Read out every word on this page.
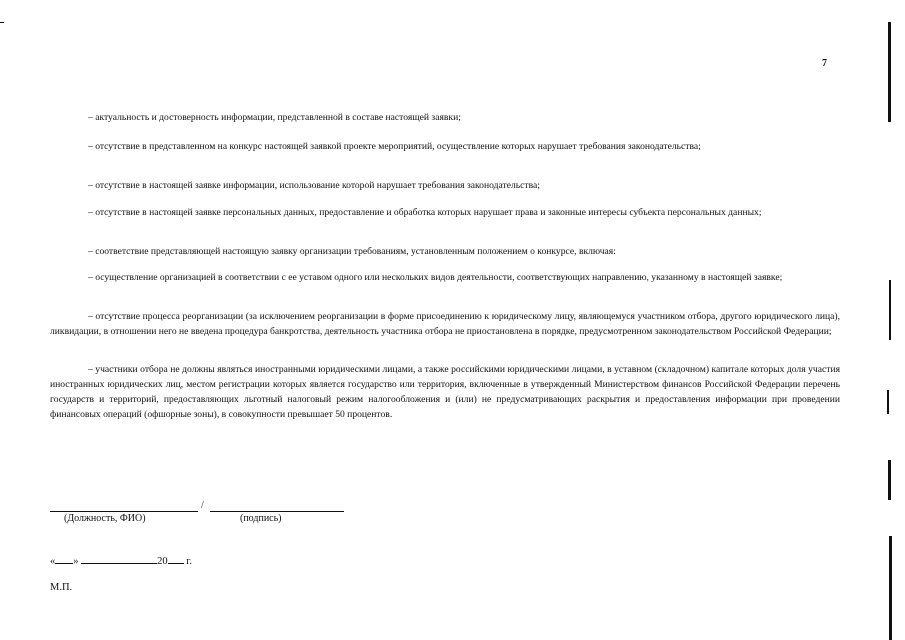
7
– актуальность и достоверность информации, представленной в составе настоящей заявки;
– отсутствие в представленном на конкурс настоящей заявкой проекте мероприятий, осуществление которых нарушает требования законодательства;
– отсутствие в настоящей заявке информации, использование которой нарушает требования законодательства;
– отсутствие в настоящей заявке персональных данных, предоставление и обработка которых нарушает права и законные интересы субъекта персональных данных;
– соответствие представляющей настоящую заявку организации требованиям, установленным положением о конкурсе, включая:
– осуществление организацией в соответствии с ее уставом одного или нескольких видов деятельности, соответствующих направлению, указанному в настоящей заявке;
– отсутствие процесса реорганизации (за исключением реорганизации в форме присоединению к юридическому лицу, являющемуся участником отбора, другого юридического лица), ликвидации, в отношении него не введена процедура банкротства, деятельность участника отбора не приостановлена в порядке, предусмотренном законодательством Российской Федерации;
– участники отбора не должны являться иностранными юридическими лицами, а также российскими юридическими лицами, в уставном (складочном) капитале которых доля участия иностранных юридических лиц, местом регистрации которых является государство или территория, включенные в утвержденный Министерством финансов Российской Федерации перечень государств и территорий, предоставляющих льготный налоговый режим налогообложения и (или) не предусматривающих раскрытия и предоставления информации при проведении финансовых операций (офшорные зоны), в совокупности превышает 50 процентов.
/
(Должность, ФИО)	(подпись)
« »	20 г.
М.П.
